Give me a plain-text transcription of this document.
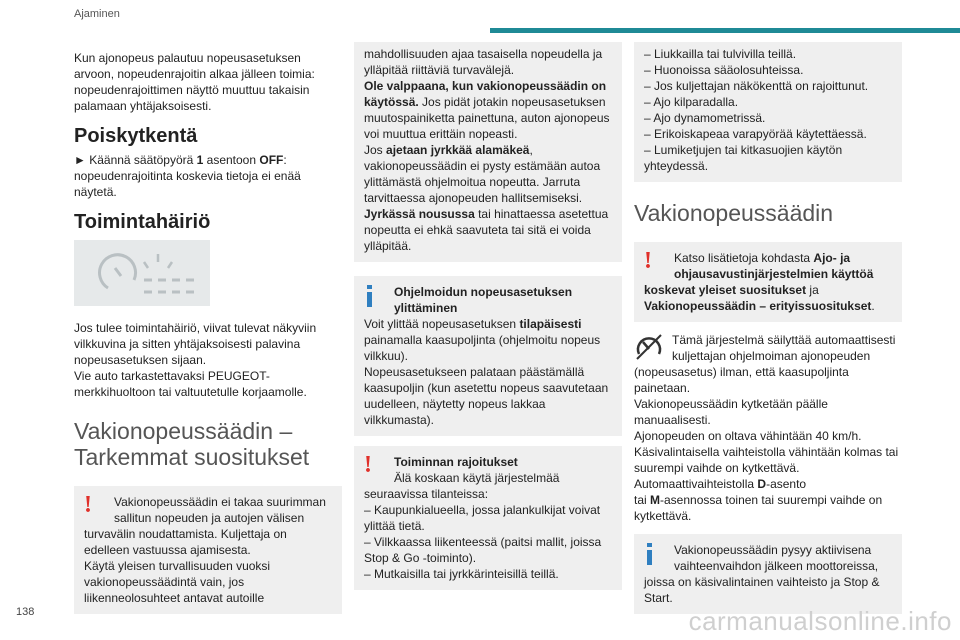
Ajaminen

Kun ajonopeus palautuu nopeusasetuksen arvoon, nopeudenrajoitin alkaa jälleen toimia: nopeudenrajoittimen näyttö muuttuu takaisin palamaan yhtäjaksoisesti.

Poiskytkentä

► Käännä säätöpyörä 1 asentoon OFF: nopeudenrajoitinta koskevia tietoja ei enää näytetä.

Toimintahäiriö

Jos tulee toimintahäiriö, viivat tulevat näkyviin vilkkuvina ja sitten yhtäjaksoisesti palavina nopeusasetuksen sijaan.
Vie auto tarkastettavaksi PEUGEOT-merkkihuoltoon tai valtuutetulle korjaamolle.

Vakionopeussäädin –
Tarkemmat suositukset
!	Vakionopeussäädin ei takaa suurimman sallitun nopeuden ja autojen välisen turvavälin noudattamista. Kuljettaja on edelleen vastuussa ajamisesta.
Käytä yleisen turvallisuuden vuoksi vakionopeussäädintä vain, jos liikenneolosuhteet antavat autoille

mahdollisuuden ajaa tasaisella nopeudella ja ylläpitää riittäviä turvavälejä.
Ole valppaana, kun vakionopeussäädin on käytössä. Jos pidät jotakin nopeusasetuksen muutospainiketta painettuna, auton ajonopeus voi muuttua erittäin nopeasti.
Jos ajetaan jyrkkää alamäkeä, vakionopeussäädin ei pysty estämään autoa ylittämästä ohjelmoitua nopeutta. Jarruta tarvittaessa ajonopeuden hallitsemiseksi.
Jyrkässä nousussa tai hinattaessa asetettua nopeutta ei ehkä saavuteta tai sitä ei voida ylläpitää.

Ohjelmoidun nopeusasetuksen ylittäminen

Voit ylittää nopeusasetuksen tilapäisesti painamalla kaasupoljinta (ohjelmoitu nopeus vilkkuu).
Nopeusasetukseen palataan päästämällä kaasupoljin (kun asetettu nopeus saavutetaan uudelleen, näytetty nopeus lakkaa vilkkumasta).

!	Toiminnan rajoitukset

Älä koskaan käytä järjestelmää seuraavissa tilanteissa:
– Kaupunkialueella, jossa jalankulkijat voivat ylittää tietä.
– Vilkkaassa liikenteessä (paitsi mallit, joissa Stop & Go -toiminto).
– Mutkaisilla tai jyrkkärinteisillä teillä.

– Liukkailla tai tulvivilla teillä.
– Huonoissa sääolosuhteissa.
– Jos kuljettajan näkökenttä on rajoittunut.
– Ajo kilparadalla.
– Ajo dynamometrissä.
– Erikoiskapeaa varapyörää käytettäessä.
– Lumiketjujen tai kitkasuojien käytön yhteydessä.
Vakionopeussäädin
!	Katso lisätietoja kohdasta Ajo- ja ohjausavustinjärjestelmien käyttöä koskevat yleiset suositukset ja Vakionopeussäädin – erityissuositukset.

Tämä järjestelmä säilyttää automaattisesti kuljettajan ohjelmoiman ajonopeuden (nopeusasetus) ilman, että kaasupoljinta painetaan.
Vakionopeussäädin kytketään päälle manuaalisesti.
Ajonopeuden on oltava vähintään 40 km/h.
Käsivalintaisella vaihteistolla vähintään kolmas tai suurempi vaihde on kytkettävä.
Automaattivaihteistolla D-asento
tai M-asennossa toinen tai suurempi vaihde on kytkettävä.

Vakionopeussäädin pysyy aktiivisena vaihteenvaihdon jälkeen moottoreissa, joissa on käsivalintainen vaihteisto ja Stop & Start.

138	carmanualsonline.info
